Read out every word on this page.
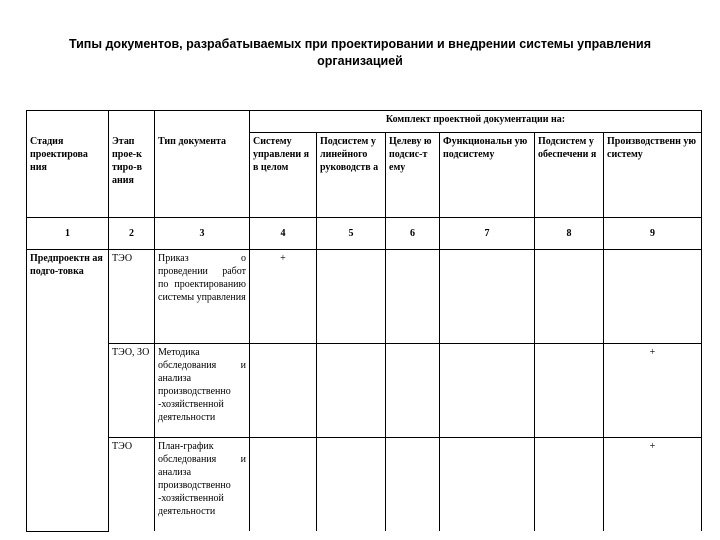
Типы документов, разрабатываемых при проектировании и внедрении системы управления
организацией
			Комплект проектной документации на:					
Стадия проектирова ния	Этап прое-к тиро-в ания	Тип документа	Систему управлени я в целом	Подсистем у линейного руководств а	Целеву ю подсис-т ему	Функциональн ую подсистему	Подсистем у обеспечени я	Производственн ую систему
1	2	3	4	5	6	7	8	9
Предпроектн ая подго-товка	ТЭО	Приказ о проведении работ по проектированию системы управления	+					
	ТЭО, ЗО	Методика обследования и анализа производственно -хозяйственной деятельности						+
	ТЭО	План-график обследования и анализа производственно -хозяйственной деятельности						+
